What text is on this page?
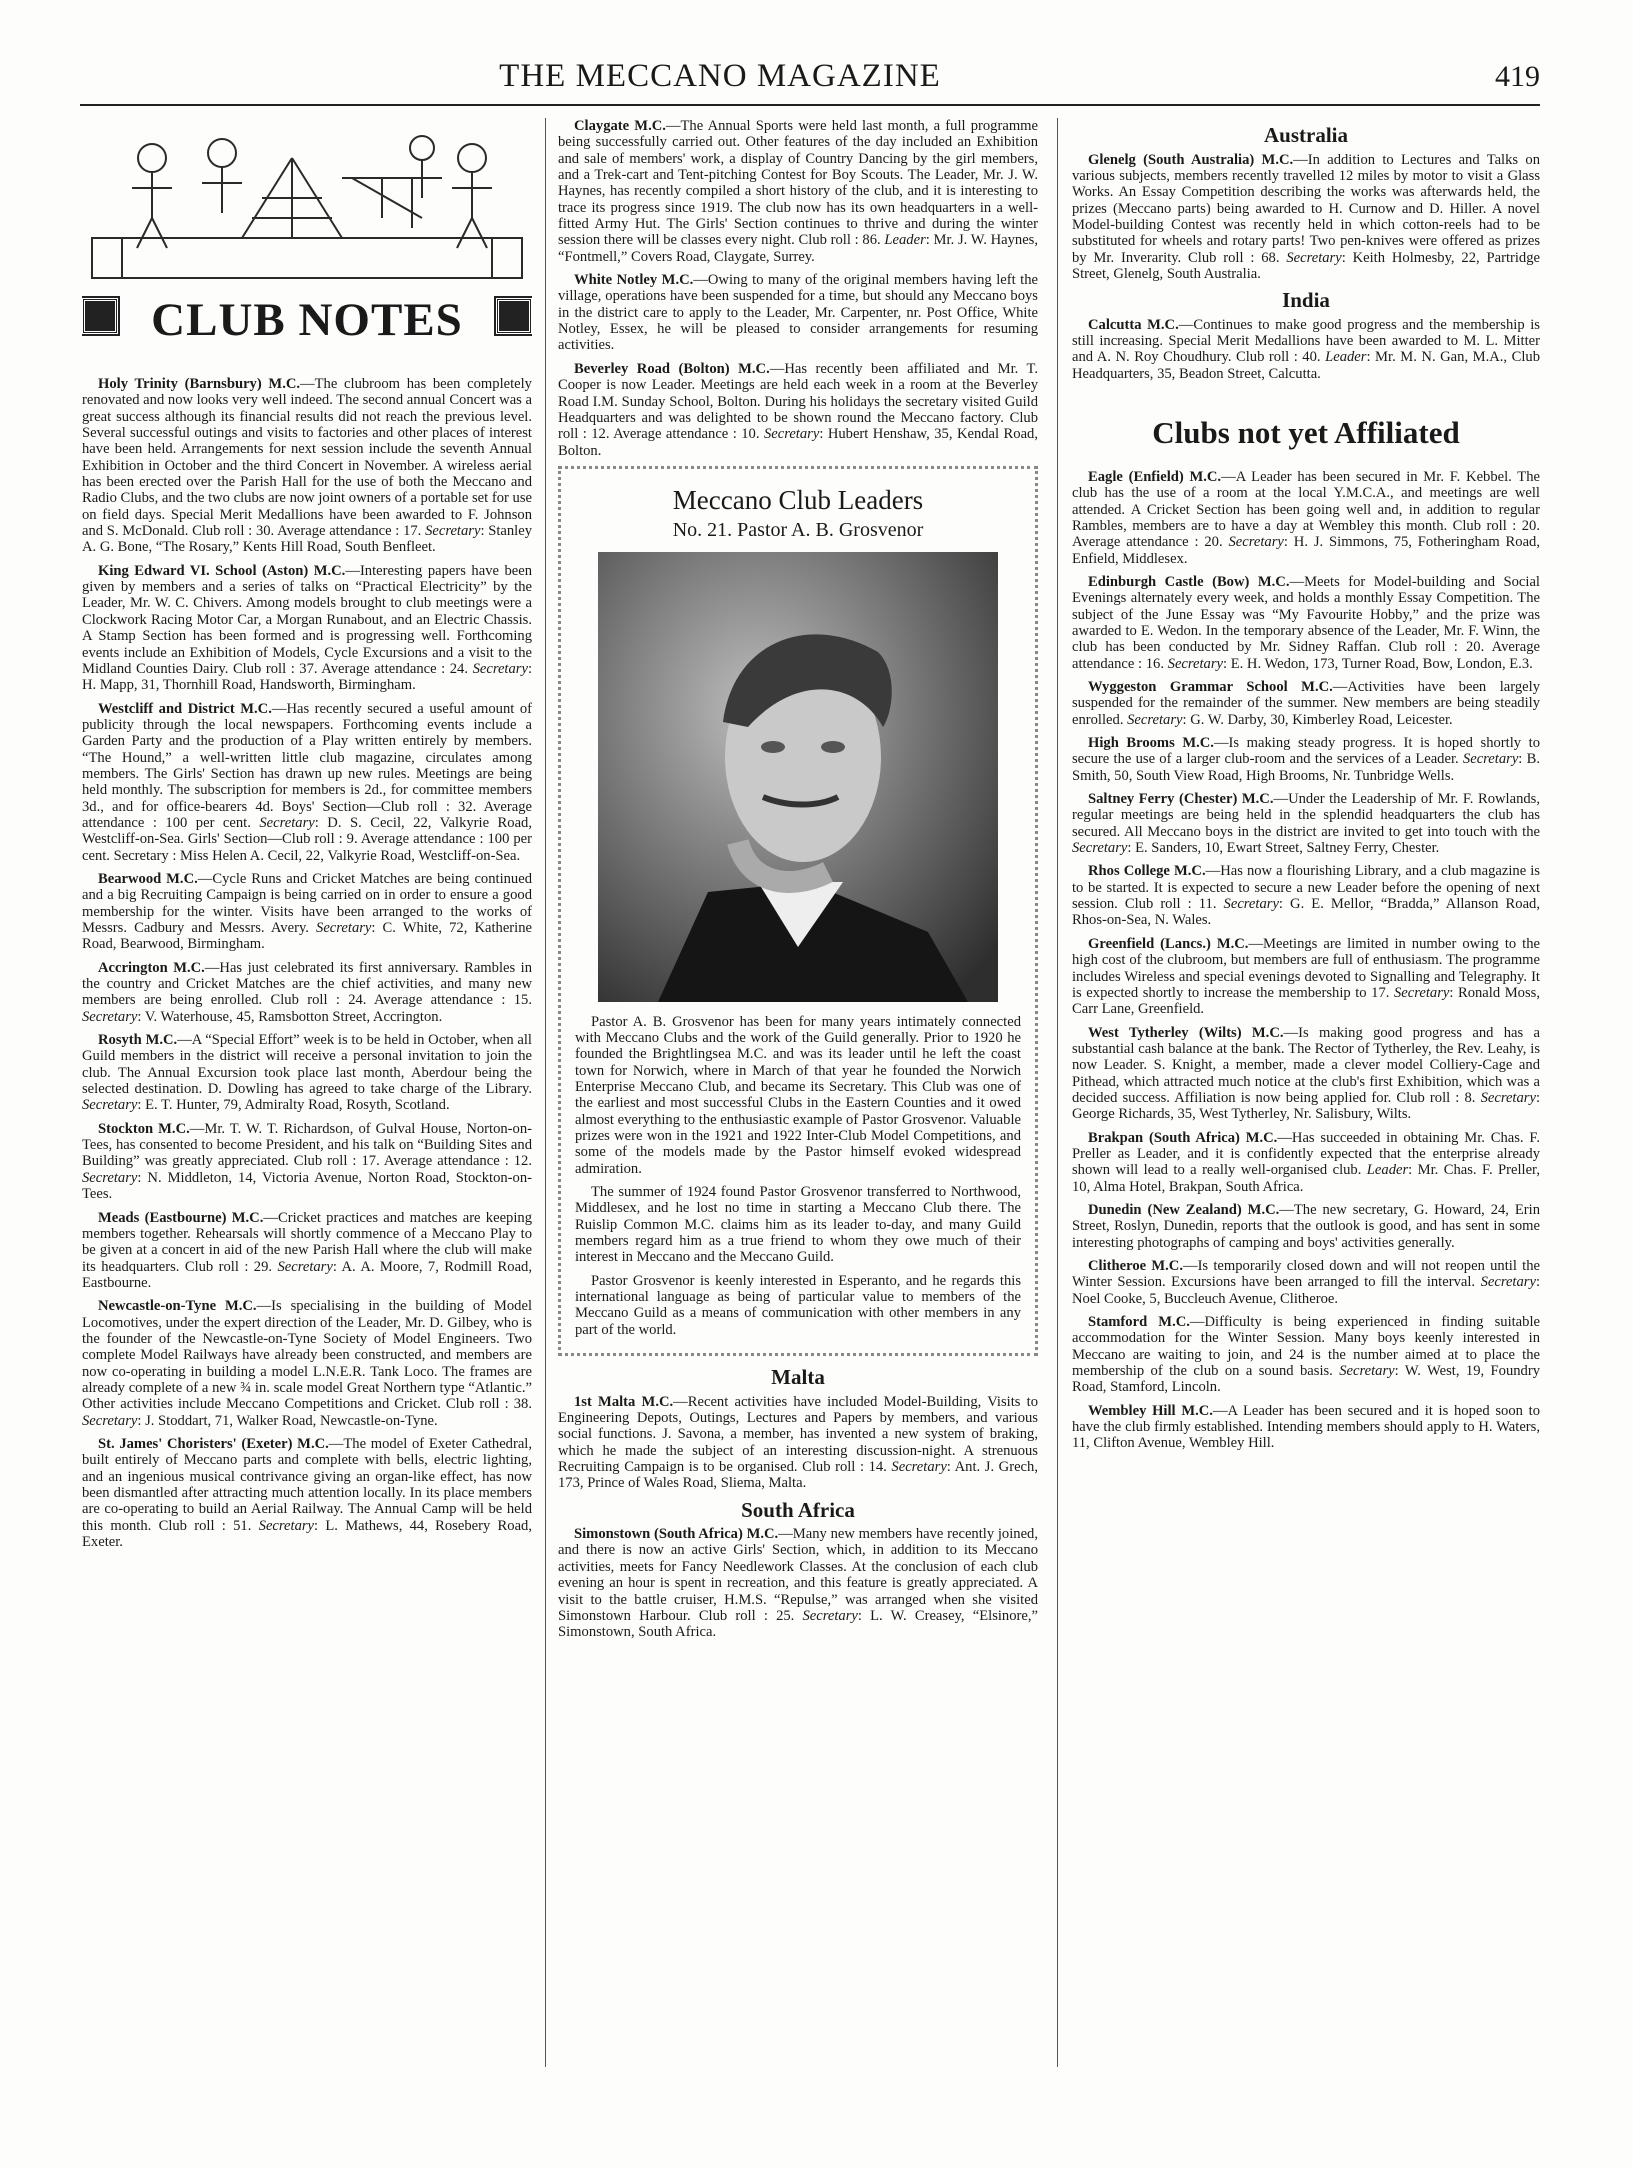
THE MECCANO MAGAZINE	419
CLUB NOTES

Holy Trinity (Barnsbury) M.C.—The clubroom has been completely renovated and now looks very well indeed. The second annual Concert was a great success although its financial results did not reach the previous level. Several successful outings and visits to factories and other places of interest have been held. Arrangements for next session include the seventh Annual Exhibition in October and the third Concert in November. A wireless aerial has been erected over the Parish Hall for the use of both the Meccano and Radio Clubs, and the two clubs are now joint owners of a portable set for use on field days. Special Merit Medallions have been awarded to F. Johnson and S. McDonald. Club roll : 30. Average attendance : 17. Secretary: Stanley A. G. Bone, “The Rosary,” Kents Hill Road, South Benfleet.

King Edward VI. School (Aston) M.C.—Interesting papers have been given by members and a series of talks on “Practical Electricity” by the Leader, Mr. W. C. Chivers. Among models brought to club meetings were a Clockwork Racing Motor Car, a Morgan Runabout, and an Electric Chassis. A Stamp Section has been formed and is progressing well. Forthcoming events include an Exhibition of Models, Cycle Excursions and a visit to the Midland Counties Dairy. Club roll : 37. Average attendance : 24. Secretary: H. Mapp, 31, Thornhill Road, Handsworth, Birmingham.

Westcliff and District M.C.—Has recently secured a useful amount of publicity through the local newspapers. Forthcoming events include a Garden Party and the production of a Play written entirely by members. “The Hound,” a well-written little club magazine, circulates among members. The Girls' Section has drawn up new rules. Meetings are being held monthly. The subscription for members is 2d., for committee members 3d., and for office-bearers 4d. Boys' Section—Club roll : 32. Average attendance : 100 per cent. Secretary: D. S. Cecil, 22, Valkyrie Road, Westcliff-on-Sea. Girls' Section—Club roll : 9. Average attendance : 100 per cent. Secretary : Miss Helen A. Cecil, 22, Valkyrie Road, Westcliff-on-Sea.

Bearwood M.C.—Cycle Runs and Cricket Matches are being continued and a big Recruiting Campaign is being carried on in order to ensure a good membership for the winter. Visits have been arranged to the works of Messrs. Cadbury and Messrs. Avery. Secretary: C. White, 72, Katherine Road, Bearwood, Birmingham.

Accrington M.C.—Has just celebrated its first anniversary. Rambles in the country and Cricket Matches are the chief activities, and many new members are being enrolled. Club roll : 24. Average attendance : 15. Secretary: V. Waterhouse, 45, Ramsbotton Street, Accrington.

Rosyth M.C.—A “Special Effort” week is to be held in October, when all Guild members in the district will receive a personal invitation to join the club. The Annual Excursion took place last month, Aberdour being the selected destination. D. Dowling has agreed to take charge of the Library. Secretary: E. T. Hunter, 79, Admiralty Road, Rosyth, Scotland.

Stockton M.C.—Mr. T. W. T. Richardson, of Gulval House, Norton-on-Tees, has consented to become President, and his talk on “Building Sites and Building” was greatly appreciated. Club roll : 17. Average attendance : 12. Secretary: N. Middleton, 14, Victoria Avenue, Norton Road, Stockton-on-Tees.

Meads (Eastbourne) M.C.—Cricket practices and matches are keeping members together. Rehearsals will shortly commence of a Meccano Play to be given at a concert in aid of the new Parish Hall where the club will make its headquarters. Club roll : 29. Secretary: A. A. Moore, 7, Rodmill Road, Eastbourne.

Newcastle-on-Tyne M.C.—Is specialising in the building of Model Locomotives, under the expert direction of the Leader, Mr. D. Gilbey, who is the founder of the Newcastle-on-Tyne Society of Model Engineers. Two complete Model Railways have already been constructed, and members are now co-operating in building a model L.N.E.R. Tank Loco. The frames are already complete of a new ¾ in. scale model Great Northern type “Atlantic.” Other activities include Meccano Competitions and Cricket. Club roll : 38. Secretary: J. Stoddart, 71, Walker Road, Newcastle-on-Tyne.

St. James' Choristers' (Exeter) M.C.—The model of Exeter Cathedral, built entirely of Meccano parts and complete with bells, electric lighting, and an ingenious musical contrivance giving an organ-like effect, has now been dismantled after attracting much attention locally. In its place members are co-operating to build an Aerial Railway. The Annual Camp will be held this month. Club roll : 51. Secretary: L. Mathews, 44, Rosebery Road, Exeter.

Claygate M.C.—The Annual Sports were held last month, a full programme being successfully carried out. Other features of the day included an Exhibition and sale of members' work, a display of Country Dancing by the girl members, and a Trek-cart and Tent-pitching Contest for Boy Scouts. The Leader, Mr. J. W. Haynes, has recently compiled a short history of the club, and it is interesting to trace its progress since 1919. The club now has its own headquarters in a well-fitted Army Hut. The Girls' Section continues to thrive and during the winter session there will be classes every night. Club roll : 86. Leader: Mr. J. W. Haynes, “Fontmell,” Covers Road, Claygate, Surrey.

White Notley M.C.—Owing to many of the original members having left the village, operations have been suspended for a time, but should any Meccano boys in the district care to apply to the Leader, Mr. Carpenter, nr. Post Office, White Notley, Essex, he will be pleased to consider arrangements for resuming activities.

Beverley Road (Bolton) M.C.—Has recently been affiliated and Mr. T. Cooper is now Leader. Meetings are held each week in a room at the Beverley Road I.M. Sunday School, Bolton. During his holidays the secretary visited Guild Headquarters and was delighted to be shown round the Meccano factory. Club roll : 12. Average attendance : 10. Secretary: Hubert Henshaw, 35, Kendal Road, Bolton.

Meccano Club Leaders
No. 21. Pastor A. B. Grosvenor

Pastor A. B. Grosvenor has been for many years intimately connected with Meccano Clubs and the work of the Guild generally. Prior to 1920 he founded the Brightlingsea M.C. and was its leader until he left the coast town for Norwich, where in March of that year he founded the Norwich Enterprise Meccano Club, and became its Secretary. This Club was one of the earliest and most successful Clubs in the Eastern Counties and it owed almost everything to the enthusiastic example of Pastor Grosvenor. Valuable prizes were won in the 1921 and 1922 Inter-Club Model Competitions, and some of the models made by the Pastor himself evoked widespread admiration.

The summer of 1924 found Pastor Grosvenor transferred to Northwood, Middlesex, and he lost no time in starting a Meccano Club there. The Ruislip Common M.C. claims him as its leader to-day, and many Guild members regard him as a true friend to whom they owe much of their interest in Meccano and the Meccano Guild.

Pastor Grosvenor is keenly interested in Esperanto, and he regards this international language as being of particular value to members of the Meccano Guild as a means of communication with other members in any part of the world.

Malta

1st Malta M.C.—Recent activities have included Model-Building, Visits to Engineering Depots, Outings, Lectures and Papers by members, and various social functions. J. Savona, a member, has invented a new system of braking, which he made the subject of an interesting discussion-night. A strenuous Recruiting Campaign is to be organised. Club roll : 14. Secretary: Ant. J. Grech, 173, Prince of Wales Road, Sliema, Malta.

South Africa

Simonstown (South Africa) M.C.—Many new members have recently joined, and there is now an active Girls' Section, which, in addition to its Meccano activities, meets for Fancy Needlework Classes. At the conclusion of each club evening an hour is spent in recreation, and this feature is greatly appreciated. A visit to the battle cruiser, H.M.S. “Repulse,” was arranged when she visited Simonstown Harbour. Club roll : 25. Secretary: L. W. Creasey, “Elsinore,” Simonstown, South Africa.

Australia

Glenelg (South Australia) M.C.—In addition to Lectures and Talks on various subjects, members recently travelled 12 miles by motor to visit a Glass Works. An Essay Competition describing the works was afterwards held, the prizes (Meccano parts) being awarded to H. Curnow and D. Hiller. A novel Model-building Contest was recently held in which cotton-reels had to be substituted for wheels and rotary parts! Two pen-knives were offered as prizes by Mr. Inverarity. Club roll : 68. Secretary: Keith Holmesby, 22, Partridge Street, Glenelg, South Australia.

India

Calcutta M.C.—Continues to make good progress and the membership is still increasing. Special Merit Medallions have been awarded to M. L. Mitter and A. N. Roy Choudhury. Club roll : 40. Leader: Mr. M. N. Gan, M.A., Club Headquarters, 35, Beadon Street, Calcutta.

Clubs not yet Affiliated

Eagle (Enfield) M.C.—A Leader has been secured in Mr. F. Kebbel. The club has the use of a room at the local Y.M.C.A., and meetings are well attended. A Cricket Section has been going well and, in addition to regular Rambles, members are to have a day at Wembley this month. Club roll : 20. Average attendance : 20. Secretary: H. J. Simmons, 75, Fotheringham Road, Enfield, Middlesex.

Edinburgh Castle (Bow) M.C.—Meets for Model-building and Social Evenings alternately every week, and holds a monthly Essay Competition. The subject of the June Essay was “My Favourite Hobby,” and the prize was awarded to E. Wedon. In the temporary absence of the Leader, Mr. F. Winn, the club has been conducted by Mr. Sidney Raffan. Club roll : 20. Average attendance : 16. Secretary: E. H. Wedon, 173, Turner Road, Bow, London, E.3.

Wyggeston Grammar School M.C.—Activities have been largely suspended for the remainder of the summer. New members are being steadily enrolled. Secretary: G. W. Darby, 30, Kimberley Road, Leicester.

High Brooms M.C.—Is making steady progress. It is hoped shortly to secure the use of a larger club-room and the services of a Leader. Secretary: B. Smith, 50, South View Road, High Brooms, Nr. Tunbridge Wells.

Saltney Ferry (Chester) M.C.—Under the Leadership of Mr. F. Rowlands, regular meetings are being held in the splendid headquarters the club has secured. All Meccano boys in the district are invited to get into touch with the Secretary: E. Sanders, 10, Ewart Street, Saltney Ferry, Chester.

Rhos College M.C.—Has now a flourishing Library, and a club magazine is to be started. It is expected to secure a new Leader before the opening of next session. Club roll : 11. Secretary: G. E. Mellor, “Bradda,” Allanson Road, Rhos-on-Sea, N. Wales.

Greenfield (Lancs.) M.C.—Meetings are limited in number owing to the high cost of the clubroom, but members are full of enthusiasm. The programme includes Wireless and special evenings devoted to Signalling and Telegraphy. It is expected shortly to increase the membership to 17. Secretary: Ronald Moss, Carr Lane, Greenfield.

West Tytherley (Wilts) M.C.—Is making good progress and has a substantial cash balance at the bank. The Rector of Tytherley, the Rev. Leahy, is now Leader. S. Knight, a member, made a clever model Colliery-Cage and Pithead, which attracted much notice at the club's first Exhibition, which was a decided success. Affiliation is now being applied for. Club roll : 8. Secretary: George Richards, 35, West Tytherley, Nr. Salisbury, Wilts.

Brakpan (South Africa) M.C.—Has succeeded in obtaining Mr. Chas. F. Preller as Leader, and it is confidently expected that the enterprise already shown will lead to a really well-organised club. Leader: Mr. Chas. F. Preller, 10, Alma Hotel, Brakpan, South Africa.

Dunedin (New Zealand) M.C.—The new secretary, G. Howard, 24, Erin Street, Roslyn, Dunedin, reports that the outlook is good, and has sent in some interesting photographs of camping and boys' activities generally.

Clitheroe M.C.—Is temporarily closed down and will not reopen until the Winter Session. Excursions have been arranged to fill the interval. Secretary: Noel Cooke, 5, Buccleuch Avenue, Clitheroe.

Stamford M.C.—Difficulty is being experienced in finding suitable accommodation for the Winter Session. Many boys keenly interested in Meccano are waiting to join, and 24 is the number aimed at to place the membership of the club on a sound basis. Secretary: W. West, 19, Foundry Road, Stamford, Lincoln.

Wembley Hill M.C.—A Leader has been secured and it is hoped soon to have the club firmly established. Intending members should apply to H. Waters, 11, Clifton Avenue, Wembley Hill.
